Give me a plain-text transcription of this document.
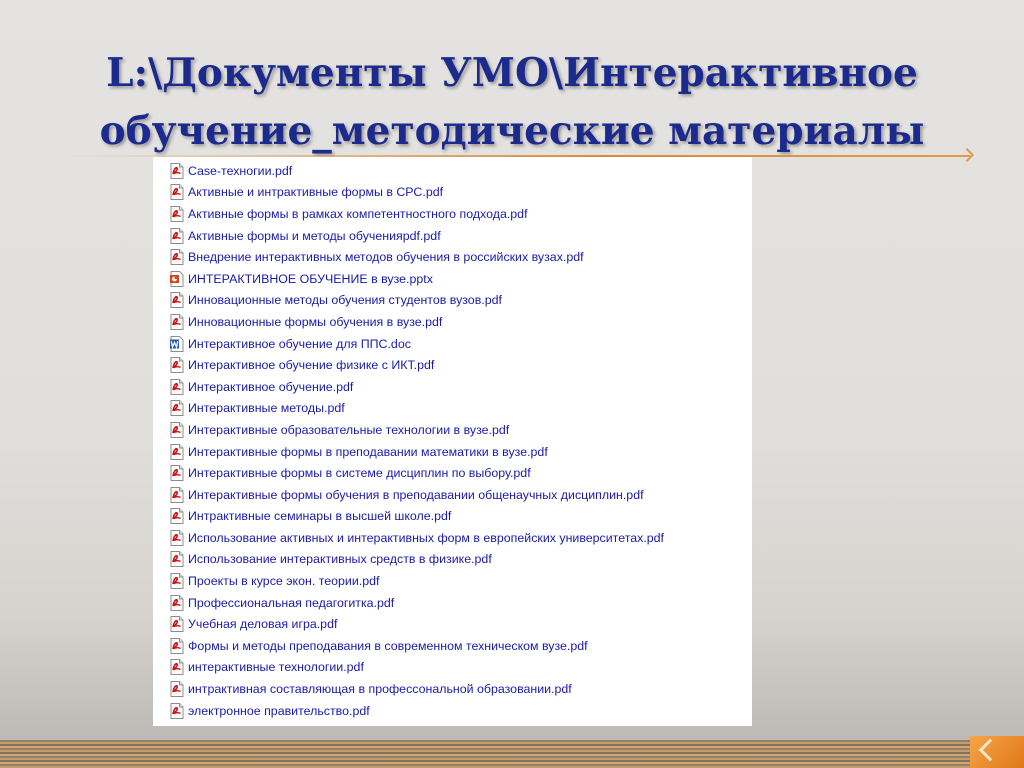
L:\Документы УМО\Интерактивное
обучение_методические материалы
Case-техногии.pdf
Активные и интрактивные формы в СРС.pdf
Активные формы в рамках компетентностного подхода.pdf
Активные формы и методы обученияpdf.pdf
Внедрение интерактивных методов обучения в российских вузах.pdf
ИНТЕРАКТИВНОЕ ОБУЧЕНИЕ в вузе.pptx
Инновационные методы обучения студентов вузов.pdf
Инновационные формы обучения в вузе.pdf
Интерактивное обучение для ППС.doc
Интерактивное обучение физике с ИКТ.pdf
Интерактивное обучение.pdf
Интерактивные методы.pdf
Интерактивные образовательные технологии в вузе.pdf
Интерактивные формы в преподавании математики в вузе.pdf
Интерактивные формы в системе дисциплин по выбору.pdf
Интерактивные формы обучения в преподавании общенаучных дисциплин.pdf
Интрактивные семинары в высшей школе.pdf
Использование активных и интерактивных форм в европейских университетах.pdf
Использование интерактивных средств в физике.pdf
Проекты в курсе экон. теории.pdf
Профессиональная педагогитка.pdf
Учебная деловая игра.pdf
Формы и методы преподавания в современном техническом вузе.pdf
интерактивные технологии.pdf
интрактивная составляющая в профессональной образовании.pdf
электронное правительство.pdf
